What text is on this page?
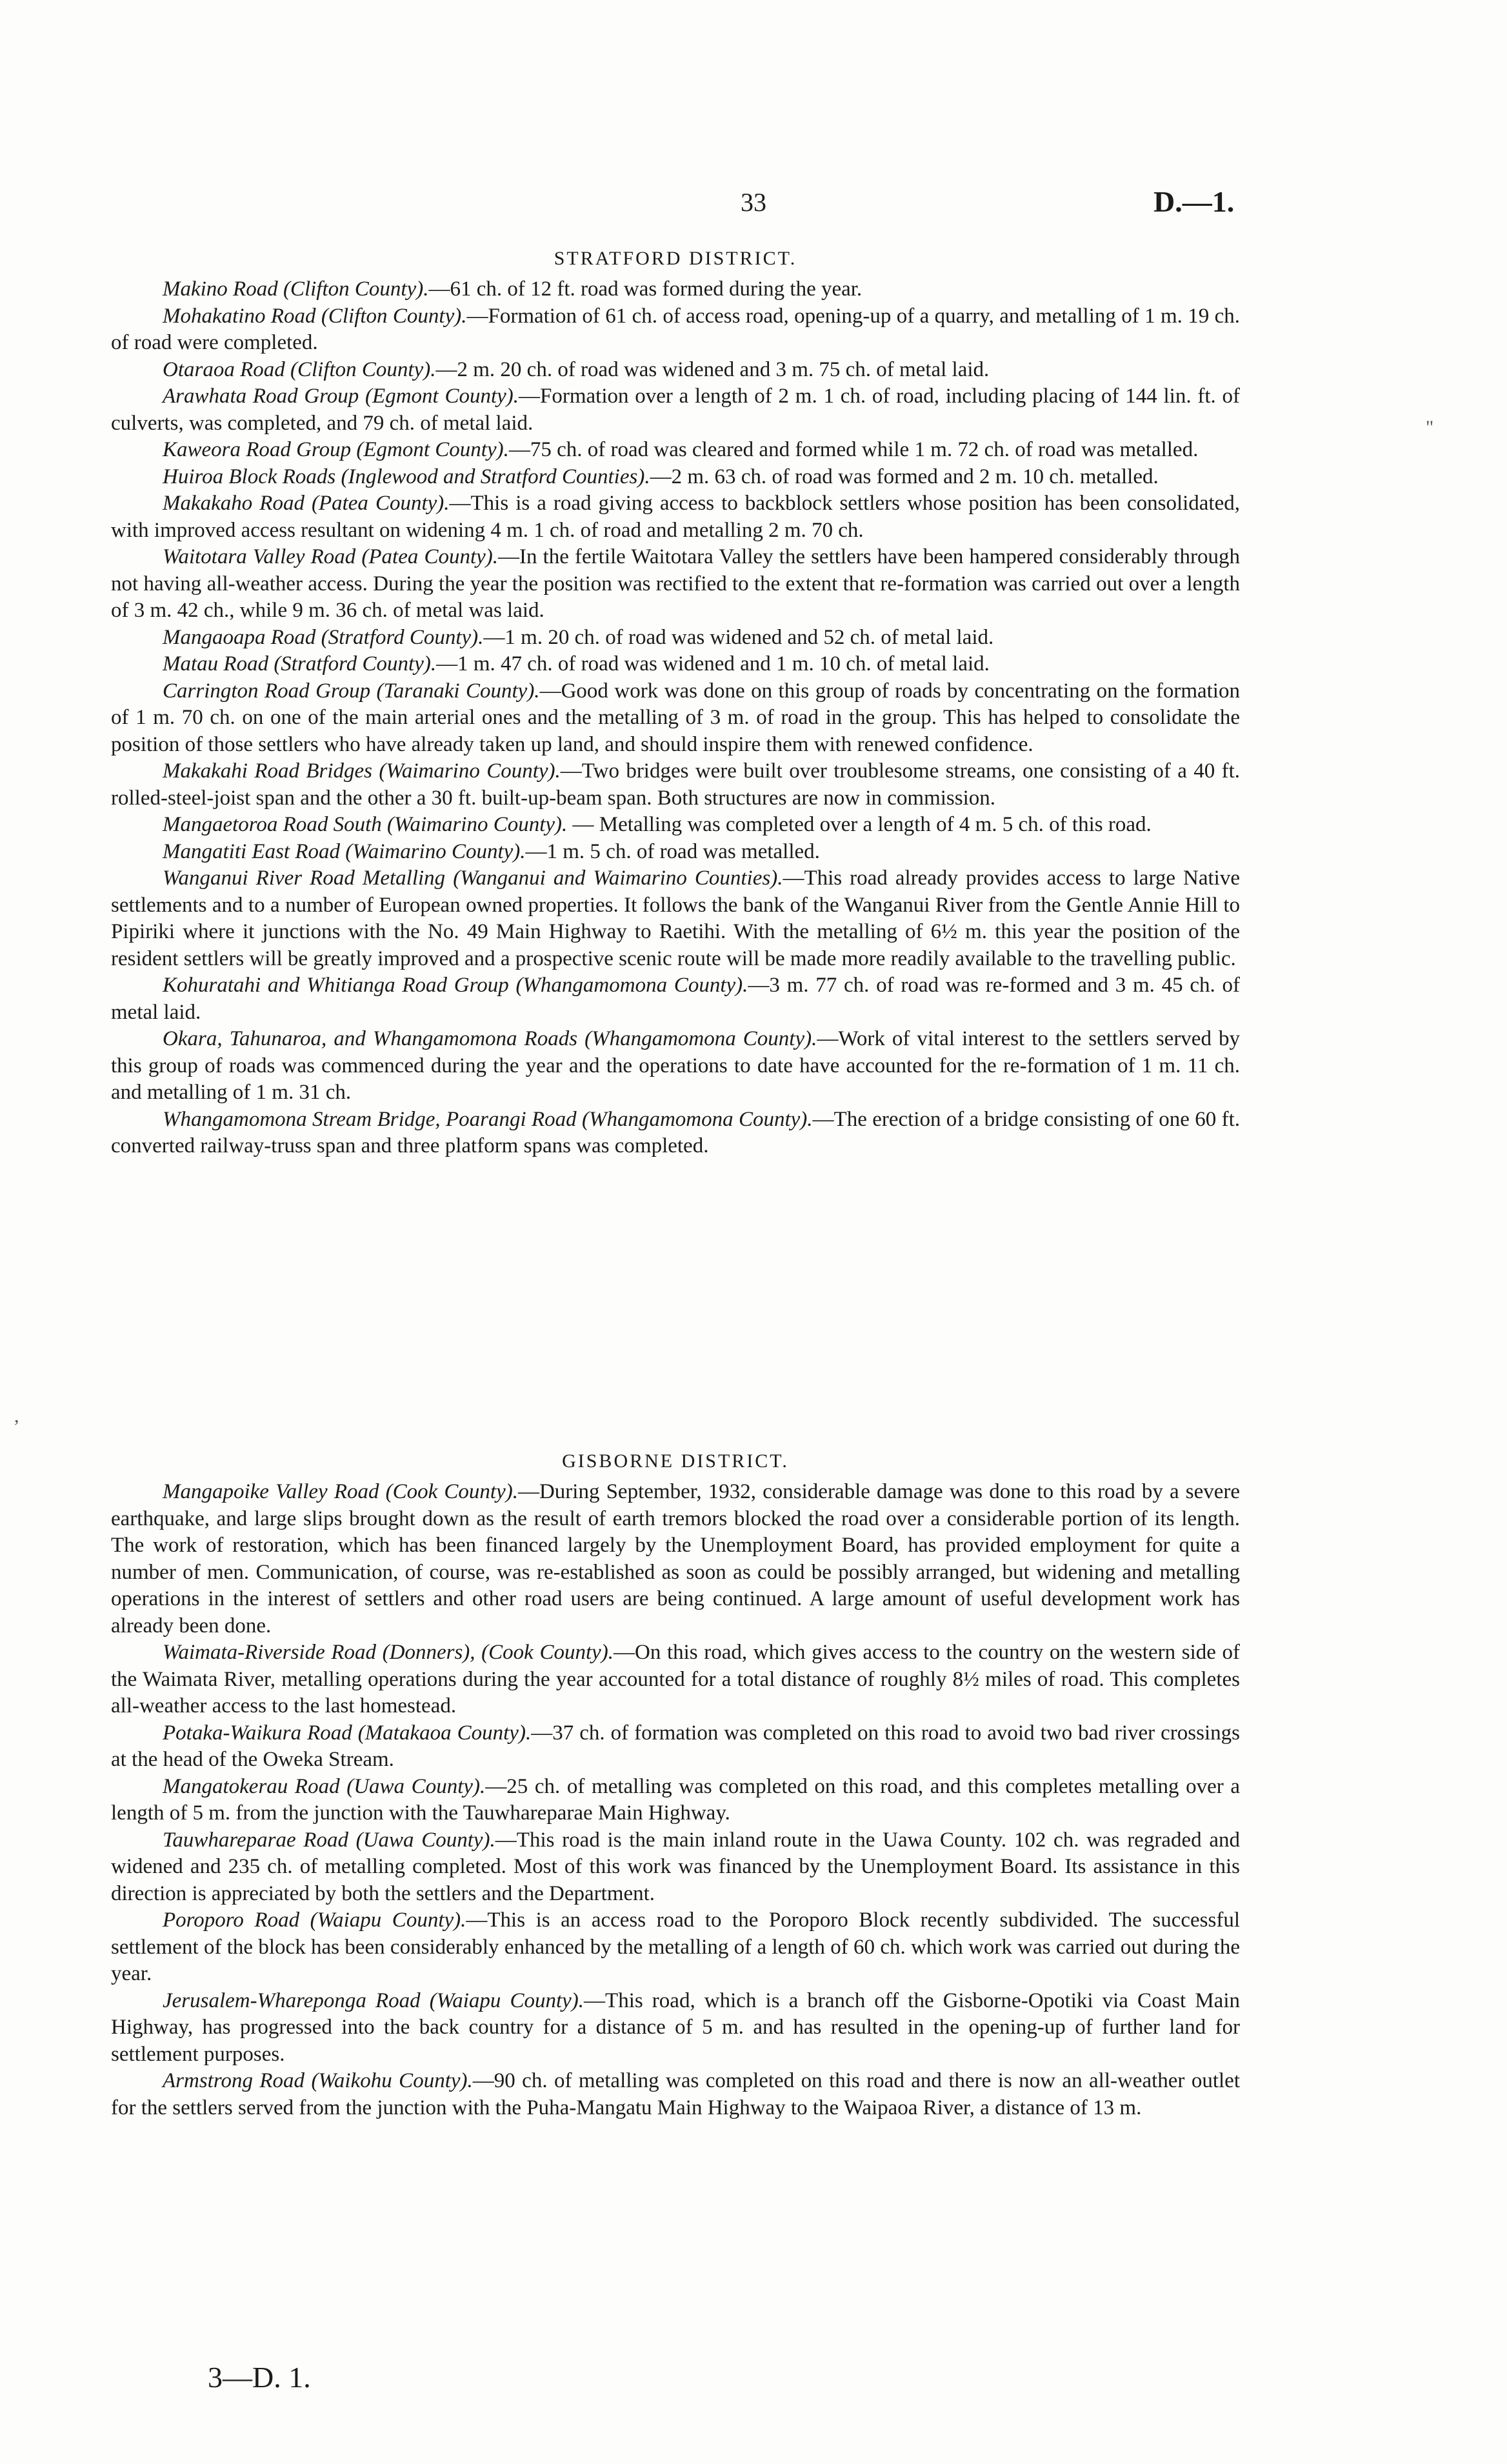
33	D.—1.
"
,
STRATFORD DISTRICT.

Makino Road (Clifton County).—61 ch. of 12 ft. road was formed during the year.

Mohakatino Road (Clifton County).—Formation of 61 ch. of access road, opening-up of a quarry, and metalling of 1 m. 19 ch. of road were completed.

Otaraoa Road (Clifton County).—2 m. 20 ch. of road was widened and 3 m. 75 ch. of metal laid.

Arawhata Road Group (Egmont County).—Formation over a length of 2 m. 1 ch. of road, including placing of 144 lin. ft. of culverts, was completed, and 79 ch. of metal laid.

Kaweora Road Group (Egmont County).—75 ch. of road was cleared and formed while 1 m. 72 ch. of road was metalled.

Huiroa Block Roads (Inglewood and Stratford Counties).—2 m. 63 ch. of road was formed and 2 m. 10 ch. metalled.

Makakaho Road (Patea County).—This is a road giving access to backblock settlers whose position has been consolidated, with improved access resultant on widening 4 m. 1 ch. of road and metalling 2 m. 70 ch.

Waitotara Valley Road (Patea County).—In the fertile Waitotara Valley the settlers have been hampered considerably through not having all-weather access. During the year the position was rectified to the extent that re-formation was carried out over a length of 3 m. 42 ch., while 9 m. 36 ch. of metal was laid.

Mangaoapa Road (Stratford County).—1 m. 20 ch. of road was widened and 52 ch. of metal laid.

Matau Road (Stratford County).—1 m. 47 ch. of road was widened and 1 m. 10 ch. of metal laid.

Carrington Road Group (Taranaki County).—Good work was done on this group of roads by concentrating on the formation of 1 m. 70 ch. on one of the main arterial ones and the metalling of 3 m. of road in the group. This has helped to consolidate the position of those settlers who have already taken up land, and should inspire them with renewed confidence.

Makakahi Road Bridges (Waimarino County).—Two bridges were built over troublesome streams, one consisting of a 40 ft. rolled-steel-joist span and the other a 30 ft. built-up-beam span. Both structures are now in commission.

Mangaetoroa Road South (Waimarino County). — Metalling was completed over a length of 4 m. 5 ch. of this road.

Mangatiti East Road (Waimarino County).—1 m. 5 ch. of road was metalled.

Wanganui River Road Metalling (Wanganui and Waimarino Counties).—This road already provides access to large Native settlements and to a number of European owned properties. It follows the bank of the Wanganui River from the Gentle Annie Hill to Pipiriki where it junctions with the No. 49 Main Highway to Raetihi. With the metalling of 6½ m. this year the position of the resident settlers will be greatly improved and a prospective scenic route will be made more readily available to the travelling public.

Kohuratahi and Whitianga Road Group (Whangamomona County).—3 m. 77 ch. of road was re-formed and 3 m. 45 ch. of metal laid.

Okara, Tahunaroa, and Whangamomona Roads (Whangamomona County).—Work of vital interest to the settlers served by this group of roads was commenced during the year and the operations to date have accounted for the re-formation of 1 m. 11 ch. and metalling of 1 m. 31 ch.

Whangamomona Stream Bridge, Poarangi Road (Whangamomona County).—The erection of a bridge consisting of one 60 ft. converted railway-truss span and three platform spans was completed.

GISBORNE DISTRICT.

Mangapoike Valley Road (Cook County).—During September, 1932, considerable damage was done to this road by a severe earthquake, and large slips brought down as the result of earth tremors blocked the road over a considerable portion of its length. The work of restoration, which has been financed largely by the Unemployment Board, has provided employment for quite a number of men. Communication, of course, was re-established as soon as could be possibly arranged, but widening and metalling operations in the interest of settlers and other road users are being continued. A large amount of useful development work has already been done.

Waimata-Riverside Road (Donners), (Cook County).—On this road, which gives access to the country on the western side of the Waimata River, metalling operations during the year accounted for a total distance of roughly 8½ miles of road. This completes all-weather access to the last homestead.

Potaka-Waikura Road (Matakaoa County).—37 ch. of formation was completed on this road to avoid two bad river crossings at the head of the Oweka Stream.

Mangatokerau Road (Uawa County).—25 ch. of metalling was completed on this road, and this completes metalling over a length of 5 m. from the junction with the Tauwhareparae Main Highway.

Tauwhareparae Road (Uawa County).—This road is the main inland route in the Uawa County. 102 ch. was regraded and widened and 235 ch. of metalling completed. Most of this work was financed by the Unemployment Board. Its assistance in this direction is appreciated by both the settlers and the Department.

Poroporo Road (Waiapu County).—This is an access road to the Poroporo Block recently subdivided. The successful settlement of the block has been considerably enhanced by the metalling of a length of 60 ch. which work was carried out during the year.

Jerusalem-Whareponga Road (Waiapu County).—This road, which is a branch off the Gisborne-Opotiki via Coast Main Highway, has progressed into the back country for a distance of 5 m. and has resulted in the opening-up of further land for settlement purposes.

Armstrong Road (Waikohu County).—90 ch. of metalling was completed on this road and there is now an all-weather outlet for the settlers served from the junction with the Puha-Mangatu Main Highway to the Waipaoa River, a distance of 13 m.

3—D. 1.
